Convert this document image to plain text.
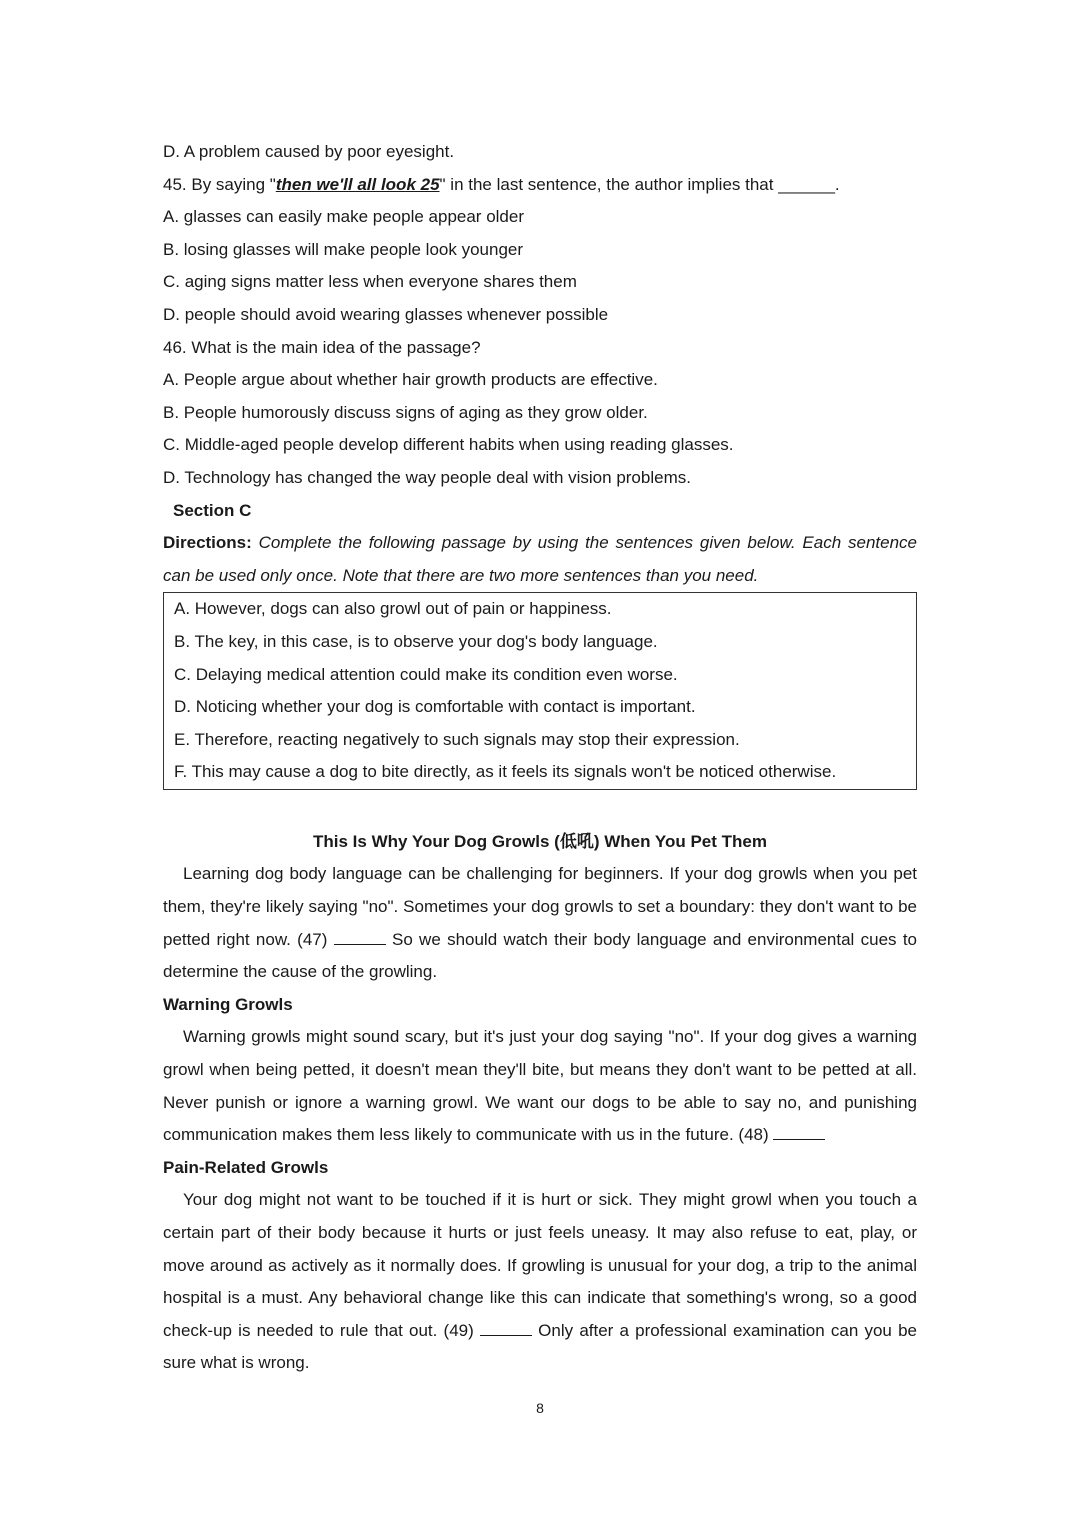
D. A problem caused by poor eyesight.
45. By saying "then we'll all look 25" in the last sentence, the author implies that ______.
A. glasses can easily make people appear older
B. losing glasses will make people look younger
C. aging signs matter less when everyone shares them
D. people should avoid wearing glasses whenever possible
46. What is the main idea of the passage?
A. People argue about whether hair growth products are effective.
B. People humorously discuss signs of aging as they grow older.
C. Middle-aged people develop different habits when using reading glasses.
D. Technology has changed the way people deal with vision problems.
Section C
Directions: Complete the following passage by using the sentences given below. Each sentence can be used only once. Note that there are two more sentences than you need.
A. However, dogs can also growl out of pain or happiness.
B. The key, in this case, is to observe your dog's body language.
C. Delaying medical attention could make its condition even worse.
D. Noticing whether your dog is comfortable with contact is important.
E. Therefore, reacting negatively to such signals may stop their expression.
F. This may cause a dog to bite directly, as it feels its signals won't be noticed otherwise.
This Is Why Your Dog Growls (低吼) When You Pet Them
Learning dog body language can be challenging for beginners. If your dog growls when you pet them, they're likely saying "no". Sometimes your dog growls to set a boundary: they don't want to be petted right now. (47)	So we should watch their body language and environmental cues to determine the cause of the growling.
Warning Growls
Warning growls might sound scary, but it's just your dog saying "no". If your dog gives a warning growl when being petted, it doesn't mean they'll bite, but means they don't want to be petted at all. Never punish or ignore a warning growl. We want our dogs to be able to say no, and punishing communication makes them less likely to communicate with us in the future. (48)
Pain-Related Growls
Your dog might not want to be touched if it is hurt or sick. They might growl when you touch a certain part of their body because it hurts or just feels uneasy. It may also refuse to eat, play, or move around as actively as it normally does. If growling is unusual for your dog, a trip to the animal hospital is a must. Any behavioral change like this can indicate that something's wrong, so a good check-up is needed to rule that out. (49)	Only after a professional examination can you be sure what is wrong.
8
